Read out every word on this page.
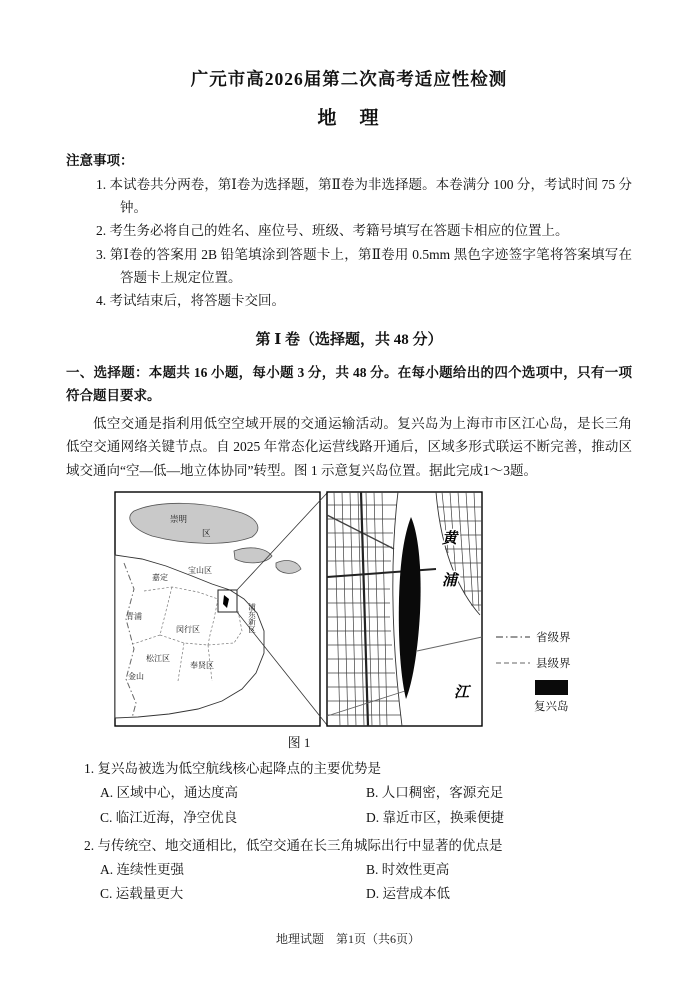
广元市高2026届第二次高考适应性检测
地　理
注意事项：
1. 本试卷共分两卷，第Ⅰ卷为选择题，第Ⅱ卷为非选择题。本卷满分 100 分，考试时间 75 分钟。
2. 考生务必将自己的姓名、座位号、班级、考籍号填写在答题卡相应的位置上。
3. 第Ⅰ卷的答案用 2B 铅笔填涂到答题卡上，第Ⅱ卷用 0.5mm 黑色字迹签字笔将答案填写在答题卡上规定位置。
4. 考试结束后，将答题卡交回。
第 Ⅰ 卷（选择题，共 48 分）
一、选择题：本题共 16 小题，每小题 3 分，共 48 分。在每小题给出的四个选项中，只有一项符合题目要求。
低空交通是指利用低空空域开展的交通运输活动。复兴岛为上海市市区江心岛，是长三角低空交通网络关键节点。自 2025 年常态化运营线路开通后，区域多形式联运不断完善，推动区域交通向“空—低—地立体协同”转型。图 1 示意复兴岛位置。据此完成1～3题。
崇明
区
宝山区
嘉定
青浦
松江区
金山
闵行区
奉贤区
浦东新区
黄
浦
江
省级界
县级界
复兴岛
图 1
1. 复兴岛被选为低空航线核心起降点的主要优势是
A. 区域中心，通达度高	B. 人口稠密，客源充足
C. 临江近海，净空优良	D. 靠近市区，换乘便捷
2. 与传统空、地交通相比，低空交通在长三角城际出行中显著的优点是
A. 连续性更强	B. 时效性更高
C. 运载量更大	D. 运营成本低
地理试题　第1页（共6页）
